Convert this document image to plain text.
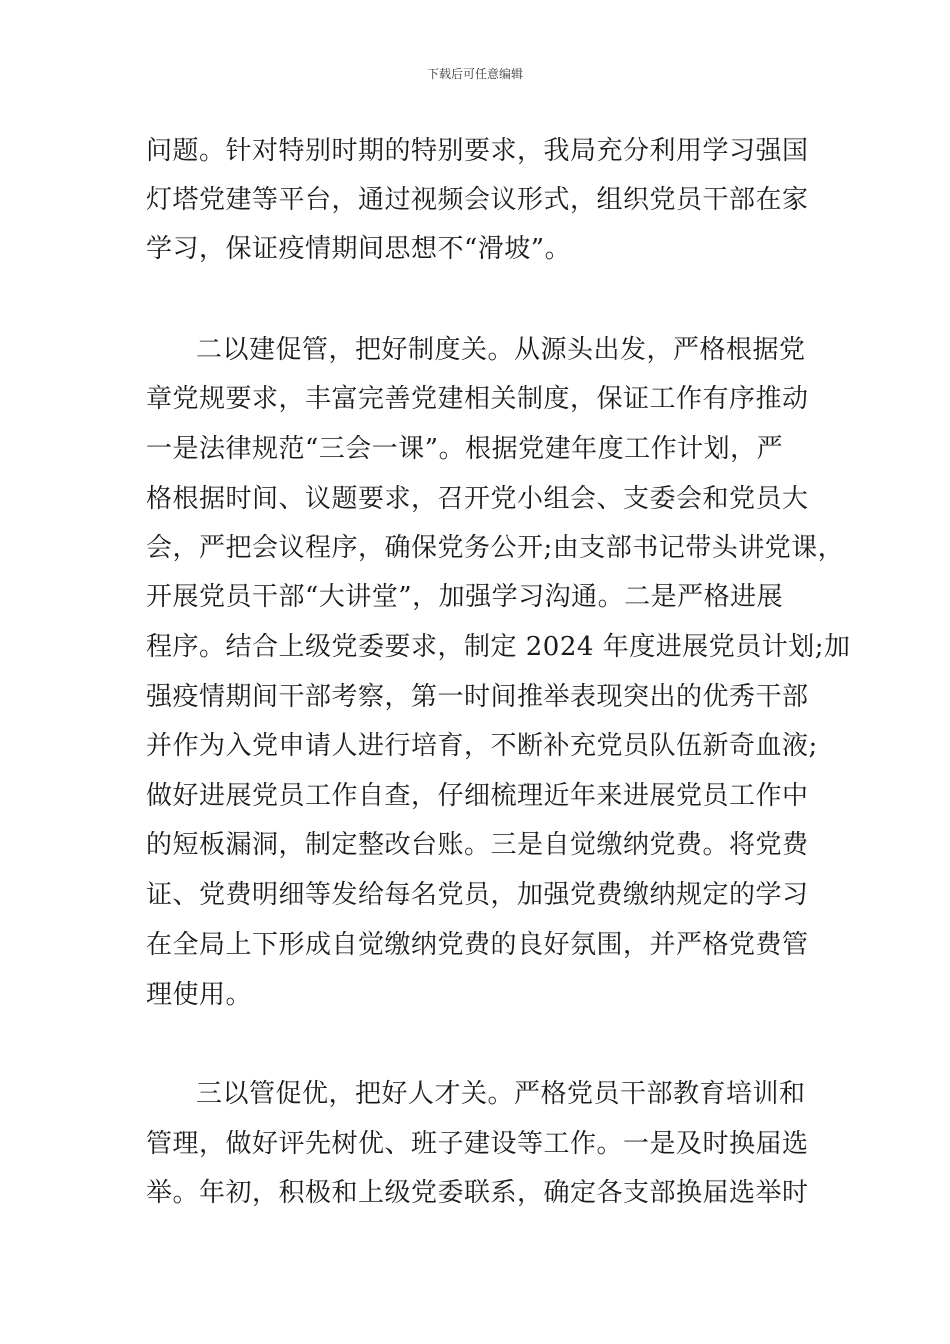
下载后可任意编辑
问题。针对特别时期的特别要求，我局充分利用学习强国
灯塔党建等平台，通过视频会议形式，组织党员干部在家
学习，保证疫情期间思想不“滑坡”。
二以建促管，把好制度关。从源头出发，严格根据党
章党规要求，丰富完善党建相关制度，保证工作有序推动
一是法律规范“三会一课”。根据党建年度工作计划，严
格根据时间、议题要求，召开党小组会、支委会和党员大
会，严把会议程序，确保党务公开;由支部书记带头讲党课，
开展党员干部“大讲堂”，加强学习沟通。二是严格进展
程序。结合上级党委要求，制定 2024 年度进展党员计划;加
强疫情期间干部考察，第一时间推举表现突出的优秀干部
并作为入党申请人进行培育，不断补充党员队伍新奇血液;
做好进展党员工作自查，仔细梳理近年来进展党员工作中
的短板漏洞，制定整改台账。三是自觉缴纳党费。将党费
证、党费明细等发给每名党员，加强党费缴纳规定的学习
在全局上下形成自觉缴纳党费的良好氛围，并严格党费管
理使用。
三以管促优，把好人才关。严格党员干部教育培训和
管理，做好评先树优、班子建设等工作。一是及时换届选
举。年初，积极和上级党委联系，确定各支部换届选举时
